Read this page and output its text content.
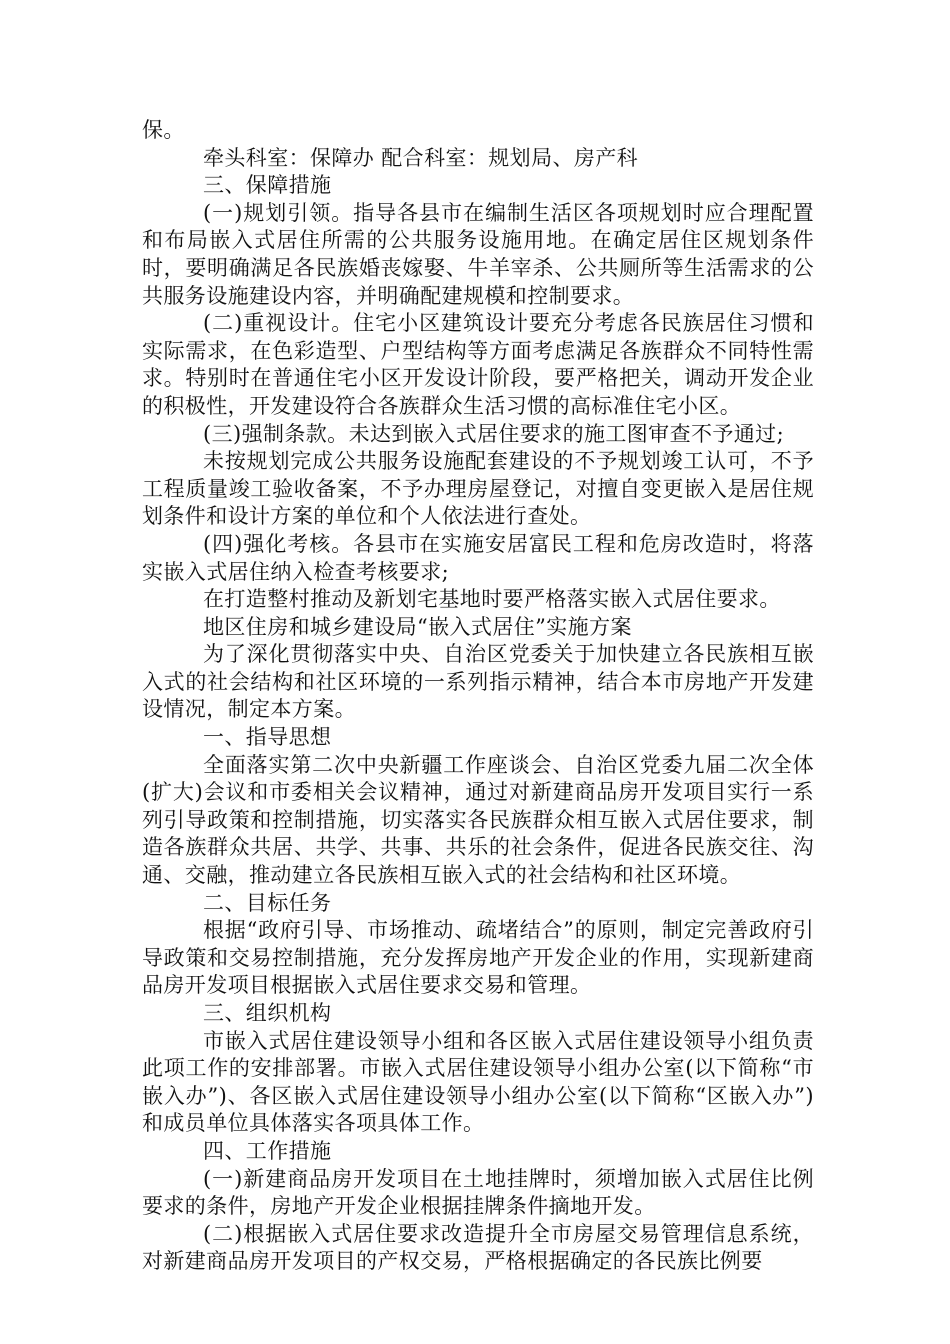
保。

牵头科室：保障办 配合科室：规划局、房产科

三、保障措施

(一)规划引领。指导各县市在编制生活区各项规划时应合理配置和布局嵌入式居住所需的公共服务设施用地。在确定居住区规划条件时，要明确满足各民族婚丧嫁娶、牛羊宰杀、公共厕所等生活需求的公共服务设施建设内容，并明确配建规模和控制要求。

(二)重视设计。住宅小区建筑设计要充分考虑各民族居住习惯和实际需求，在色彩造型、户型结构等方面考虑满足各族群众不同特性需求。特别时在普通住宅小区开发设计阶段，要严格把关，调动开发企业的积极性，开发建设符合各族群众生活习惯的高标准住宅小区。

(三)强制条款。未达到嵌入式居住要求的施工图审查不予通过;

未按规划完成公共服务设施配套建设的不予规划竣工认可，不予工程质量竣工验收备案，不予办理房屋登记，对擅自变更嵌入是居住规划条件和设计方案的单位和个人依法进行查处。

(四)强化考核。各县市在实施安居富民工程和危房改造时，将落实嵌入式居住纳入检查考核要求;

在打造整村推动及新划宅基地时要严格落实嵌入式居住要求。

地区住房和城乡建设局“嵌入式居住”实施方案

为了深化贯彻落实中央、自治区党委关于加快建立各民族相互嵌入式的社会结构和社区环境的一系列指示精神，结合本市房地产开发建设情况，制定本方案。

一、指导思想

全面落实第二次中央新疆工作座谈会、自治区党委九届二次全体(扩大)会议和市委相关会议精神，通过对新建商品房开发项目实行一系列引导政策和控制措施，切实落实各民族群众相互嵌入式居住要求，制造各族群众共居、共学、共事、共乐的社会条件，促进各民族交往、沟通、交融，推动建立各民族相互嵌入式的社会结构和社区环境。

二、目标任务

根据“政府引导、市场推动、疏堵结合”的原则，制定完善政府引导政策和交易控制措施，充分发挥房地产开发企业的作用，实现新建商品房开发项目根据嵌入式居住要求交易和管理。

三、组织机构

市嵌入式居住建设领导小组和各区嵌入式居住建设领导小组负责此项工作的安排部署。市嵌入式居住建设领导小组办公室(以下简称“市嵌入办”)、各区嵌入式居住建设领导小组办公室(以下简称“区嵌入办”)和成员单位具体落实各项具体工作。

四、工作措施

(一)新建商品房开发项目在土地挂牌时，须增加嵌入式居住比例要求的条件，房地产开发企业根据挂牌条件摘地开发。

(二)根据嵌入式居住要求改造提升全市房屋交易管理信息系统，对新建商品房开发项目的产权交易，严格根据确定的各民族比例要
